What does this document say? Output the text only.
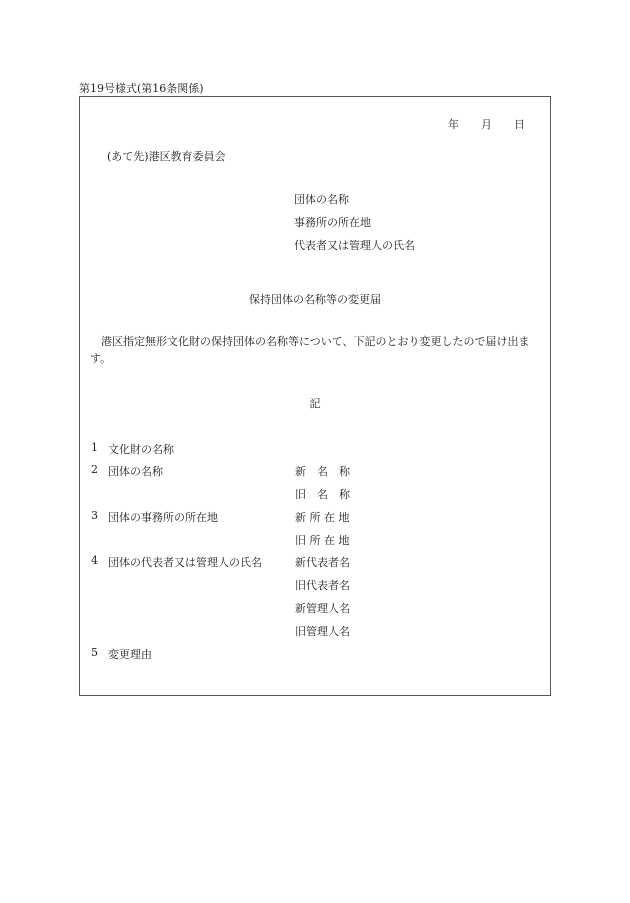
第19号様式(第16条関係)
年 月 日
(あて先)港区教育委員会
団体の名称
事務所の所在地
代表者又は管理人の氏名
保持団体の名称等の変更届
港区指定無形文化財の保持団体の名称等について、下記のとおり変更したので届け出ます。
記
1 文化財の名称
2 団体の名称	新　名　称
旧　名　称
3 団体の事務所の所在地	新 所 在 地
旧 所 在 地
4 団体の代表者又は管理人の氏名	新代表者名
旧代表者名
新管理人名
旧管理人名
5 変更理由
